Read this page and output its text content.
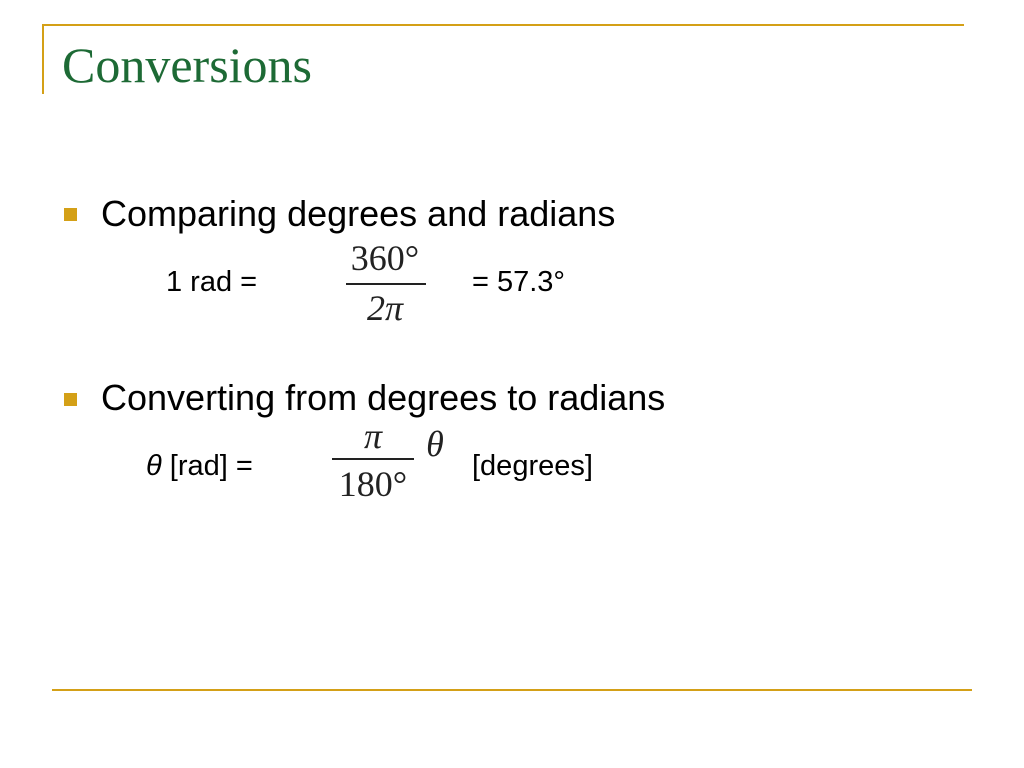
Conversions
Comparing degrees and radians
1 rad =
360°
2π
= 57.3°
Converting from degrees to radians
θ [rad] =
π
180°
θ
[degrees]
